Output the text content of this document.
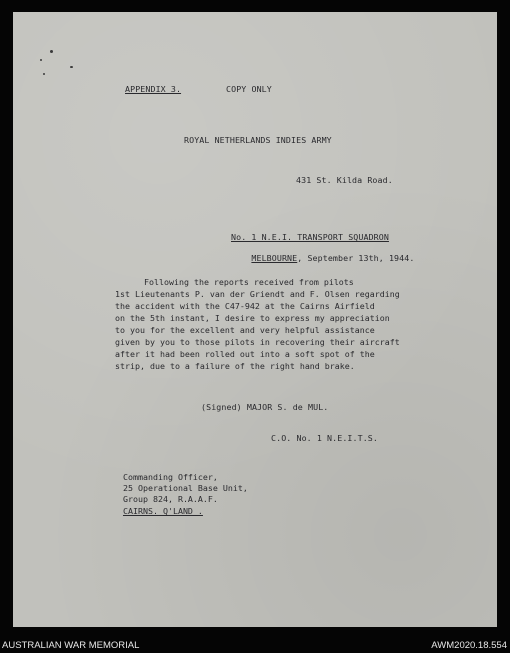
APPENDIX 3.	COPY ONLY
ROYAL NETHERLANDS INDIES ARMY
431 St. Kilda Road.
No. 1 N.E.I. TRANSPORT SQUADRON

MELBOURNE, September 13th, 1944.

Following the reports received from pilots
1st Lieutenants P. van der Griendt and F. Olsen regarding
the accident with the C47-942 at the Cairns Airfield
on the 5th instant, I desire to express my appreciation
to you for the excellent and very helpful assistance
given by you to those pilots in recovering their aircraft
after it had been rolled out into a soft spot of the
strip, due to a failure of the right hand brake.
(Signed) MAJOR S. de MUL.
C.O. No. 1 N.E.I.T.S.
Commanding Officer,
25 Operational Base Unit,
Group 824, R.A.A.F.
CAIRNS. Q'LAND .
AUSTRALIAN WAR MEMORIAL	AWM2020.18.554
